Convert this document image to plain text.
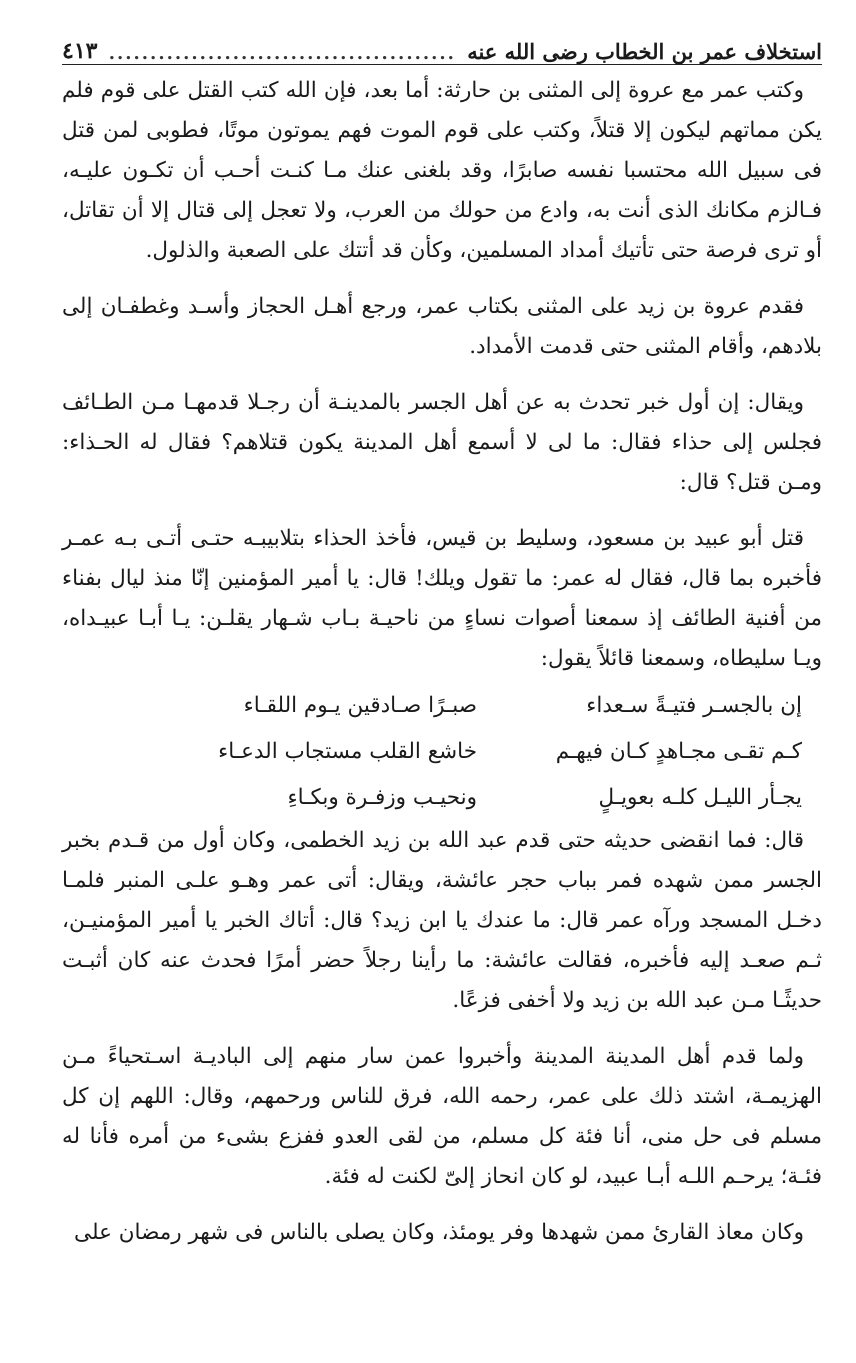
استخلاف عمر بن الخطاب رضى الله عنه
..........................................
٤١٣

وكتب عمر مع عروة إلى المثنى بن حارثة: أما بعد، فإن الله كتب القتل على قوم فلم يكن مماتهم ليكون إلا قتلاً، وكتب على قوم الموت فهم يموتون موتًا، فطوبى لمن قتل فى سبيل الله محتسبا نفسه صابرًا، وقد بلغنى عنك مـا كنـت أحـب أن تكـون عليـه، فـالزم مكانك الذى أنت به، وادع من حولك من العرب، ولا تعجل إلى قتال إلا أن تقاتل، أو ترى فرصة حتى تأتيك أمداد المسلمين، وكأن قد أتتك على الصعبة والذلول.

فقدم عروة بن زيد على المثنى بكتاب عمر، ورجع أهـل الحجاز وأسـد وغطفـان إلى بلادهم، وأقام المثنى حتى قدمت الأمداد.

ويقال: إن أول خبر تحدث به عن أهل الجسر بالمدينـة أن رجـلا قدمهـا مـن الطـائف فجلس إلى حذاء فقال: ما لى لا أسمع أهل المدينة يكون قتلاهم؟ فقال له الحـذاء: ومـن قتل؟ قال:

قتل أبو عبيد بن مسعود، وسليط بن قيس، فأخذ الحذاء بتلابيبـه حتـى أتـى بـه عمـر فأخبره بما قال، فقال له عمر: ما تقول ويلك! قال: يا أمير المؤمنين إنّا منذ ليال بفناء من أفنية الطائف إذ سمعنا أصوات نساءٍ من ناحيـة بـاب شـهار يقلـن: يـا أبـا عبيـداه، ويـا سليطاه، وسمعنا قائلاً يقول:

إن بالجسـر فتيـةً سـعداء
صبـرًا صـادقين يـوم اللقـاء
كـم تقـى مجـاهدٍ كـان فيهـم
خاشع القلب مستجاب الدعـاء
يجـأر الليـل كلـه بعويـلٍ
ونحيـب وزفـرة وبكـاءِ

قال: فما انقضى حديثه حتى قدم عبد الله بن زيد الخطمى، وكان أول من قـدم بخبر الجسر ممن شهده فمر بباب حجر عائشة، ويقال: أتى عمر وهـو علـى المنبر فلمـا دخـل المسجد ورآه عمر قال: ما عندك يا ابن زيد؟ قال: أتاك الخبر يا أمير المؤمنيـن، ثـم صعـد إليه فأخبره، فقالت عائشة: ما رأينا رجلاً حضر أمرًا فحدث عنه كان أثبـت حديثًـا مـن عبد الله بن زيد ولا أخفى فزعًا.

ولما قدم أهل المدينة المدينة وأخبروا عمن سار منهم إلى الباديـة اسـتحياءً مـن الهزيمـة، اشتد ذلك على عمر، رحمه الله، فرق للناس ورحمهم، وقال: اللهم إن كل مسلم فى حل منى، أنا فئة كل مسلم، من لقى العدو ففزع بشىء من أمره فأنا له فئـة؛ يرحـم اللـه أبـا عبيد، لو كان انحاز إلىّ لكنت له فئة.

وكان معاذ القارئ ممن شهدها وفر يومئذ، وكان يصلى بالناس فى شهر رمضان على
